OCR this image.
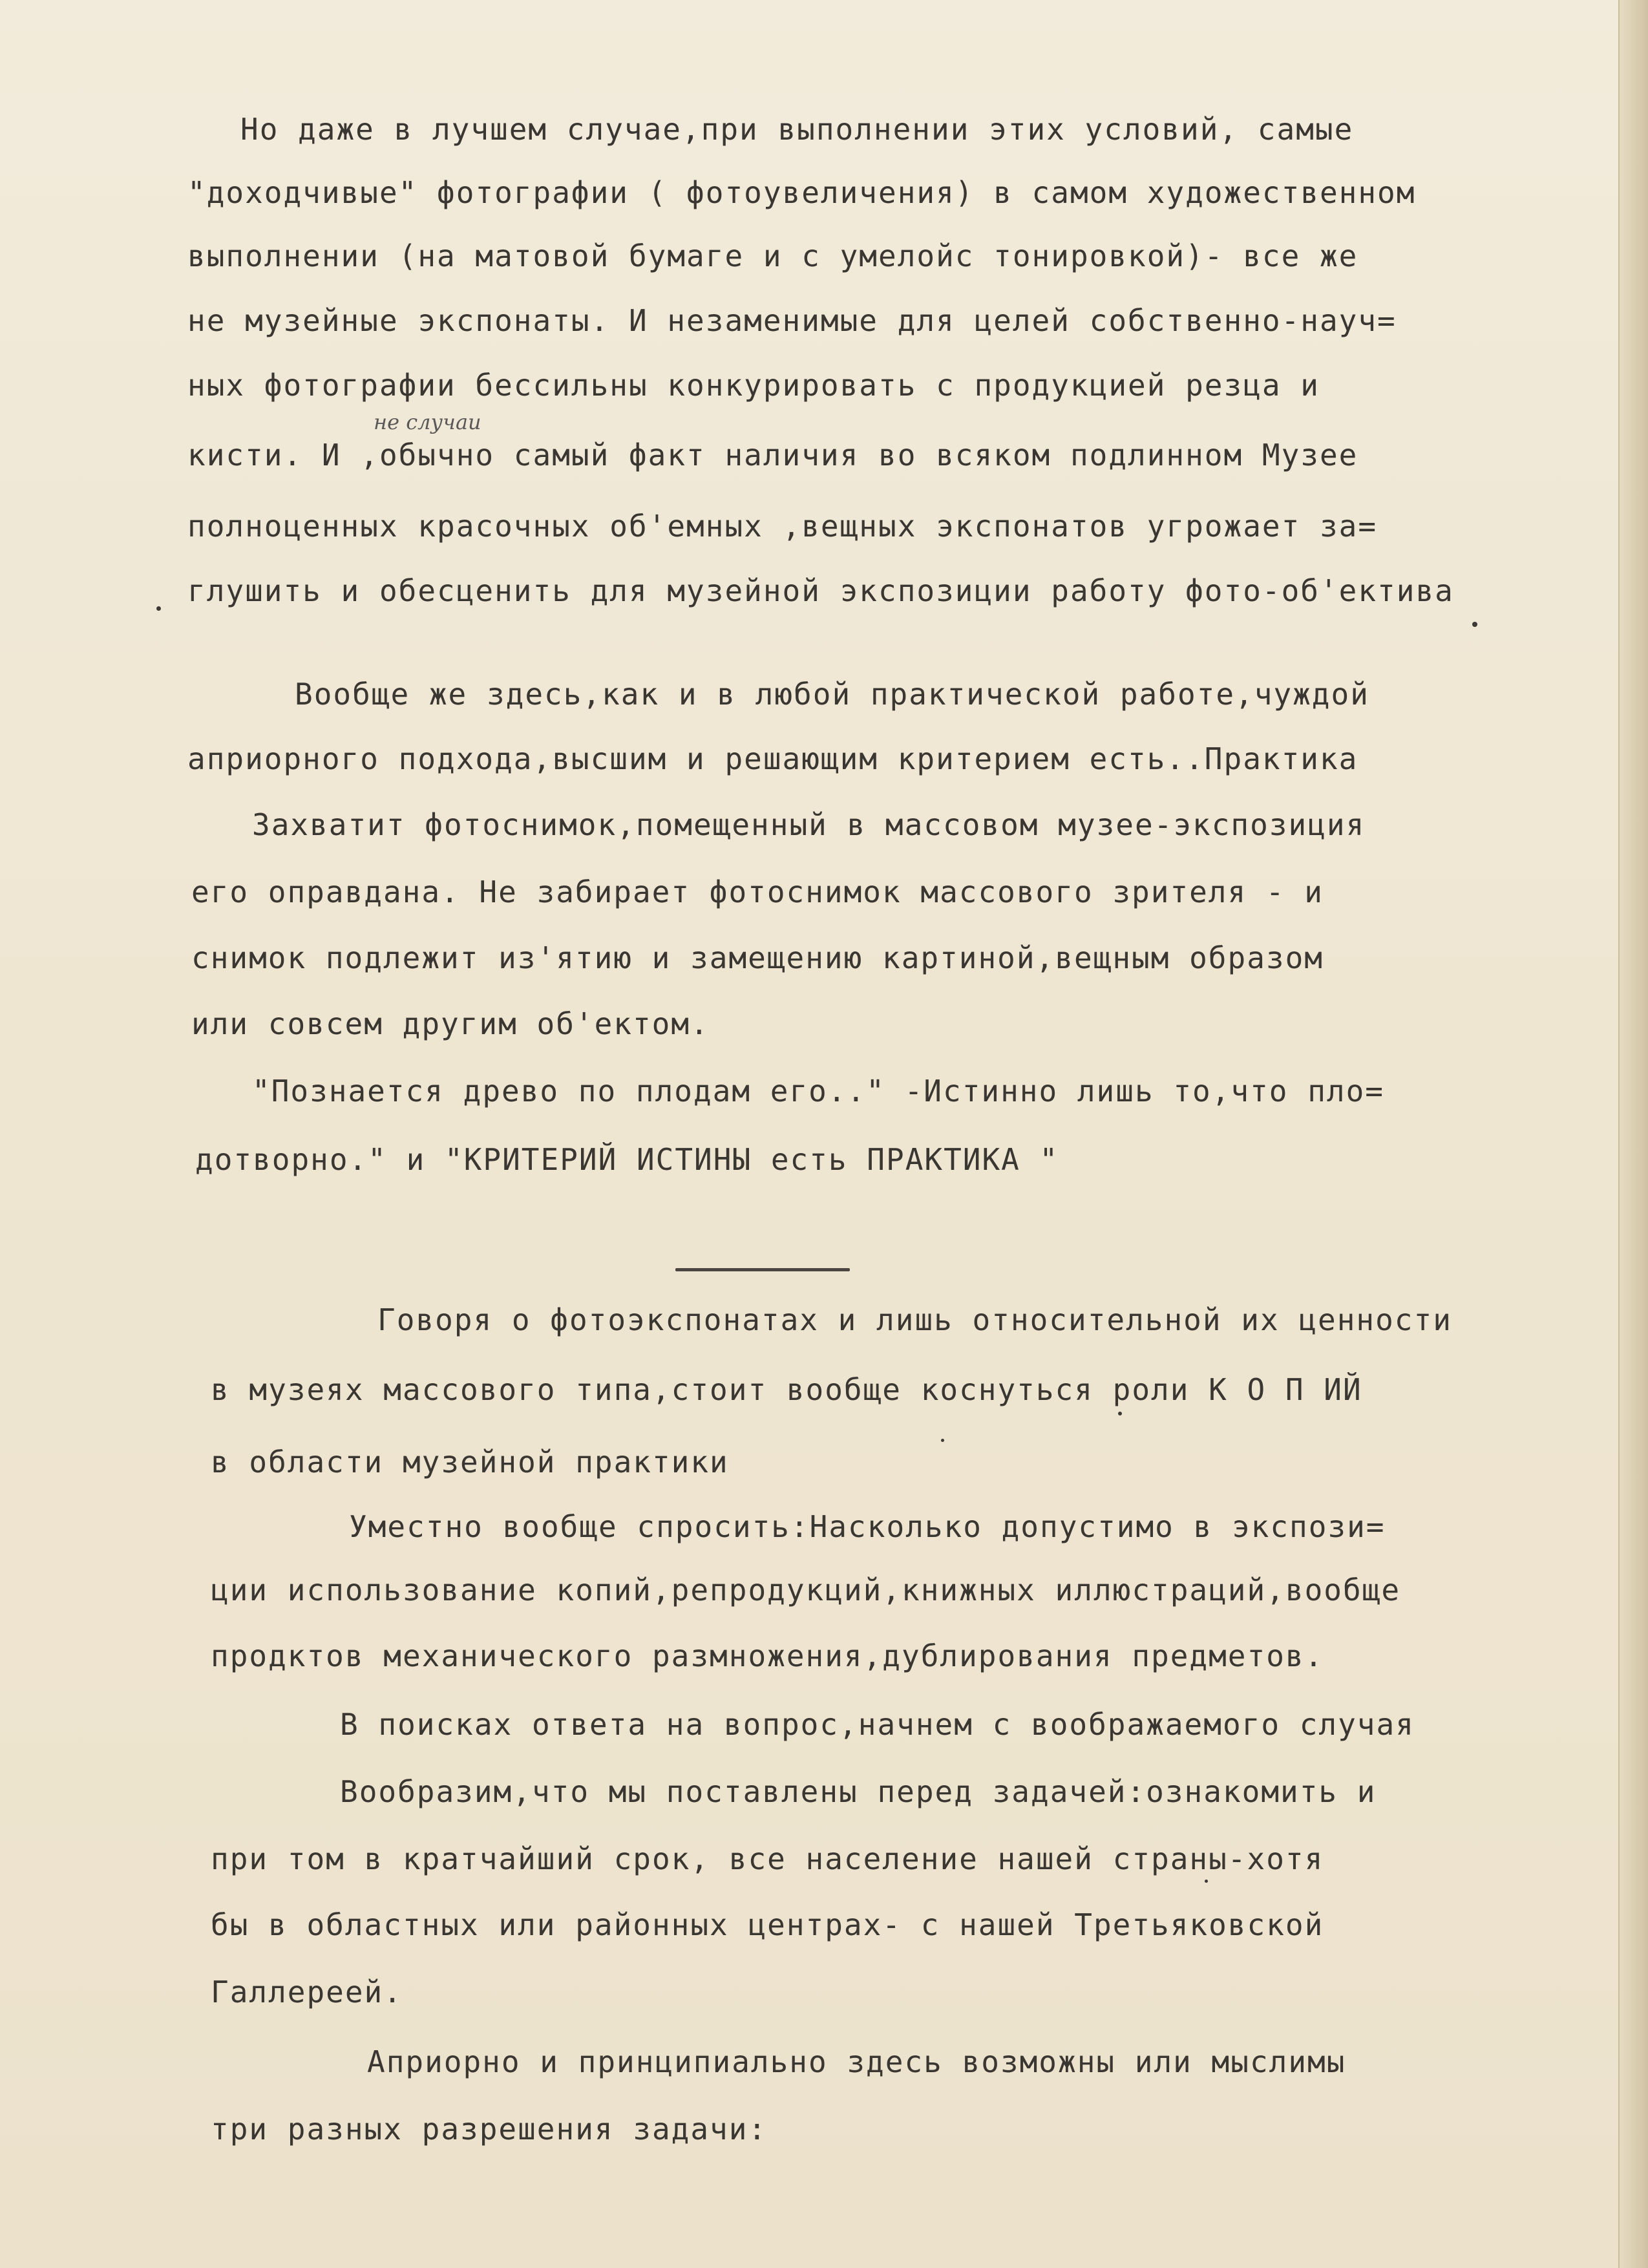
не случаи
Но даже в лучшем случае,при выполнении этих условий, самые
"доходчивые" фотографии ( фотоувеличения) в самом художественном
выполнении (на матовой бумаге и с умелойс тонировкой)- все же
не музейные экспонаты. И незаменимые для целей собственно-науч=
ных фотографии бессильны конкурировать с продукцией резца и
кисти. И ,обычно самый факт наличия во всяком подлинном Музее
полноценных красочных об'емных ,вещных экспонатов угрожает за=
глушить и обесценить для музейной экспозиции работу фото-об'ектива
Вообще же здесь,как и в любой практической работе,чуждой
априорного подхода,высшим и решающим критерием есть..Практика
Захватит фотоснимок,помещенный в массовом музее-экспозиция
его оправдана. Не забирает фотоснимок массового зрителя - и
снимок подлежит из'ятию и замещению картиной,вещным образом
или совсем другим об'ектом.
"Познается древо по плодам его.." -Истинно лишь то,что пло=
дотворно." и "КРИТЕРИЙ ИСТИНЫ есть ПРАКТИКА "
Говоря о фотоэкспонатах и лишь относительной их ценности
в музеях массового типа,стоит вообще коснуться роли К О П ИЙ
в области музейной практики
Уместно вообще спросить:Насколько допустимо в экспози=
ции использование копий,репродукций,книжных иллюстраций,вообще
продктов механического размножения,дублирования предметов.
В поисках ответа на вопрос,начнем с воображаемого случая
Вообразим,что мы поставлены перед задачей:ознакомить и
при том в кратчайший срок, все население нашей страны-хотя
бы в областных или районных центрах- с нашей Третьяковской
Галлереей.
Априорно и принципиально здесь возможны или мыслимы
три разных разрешения задачи:
